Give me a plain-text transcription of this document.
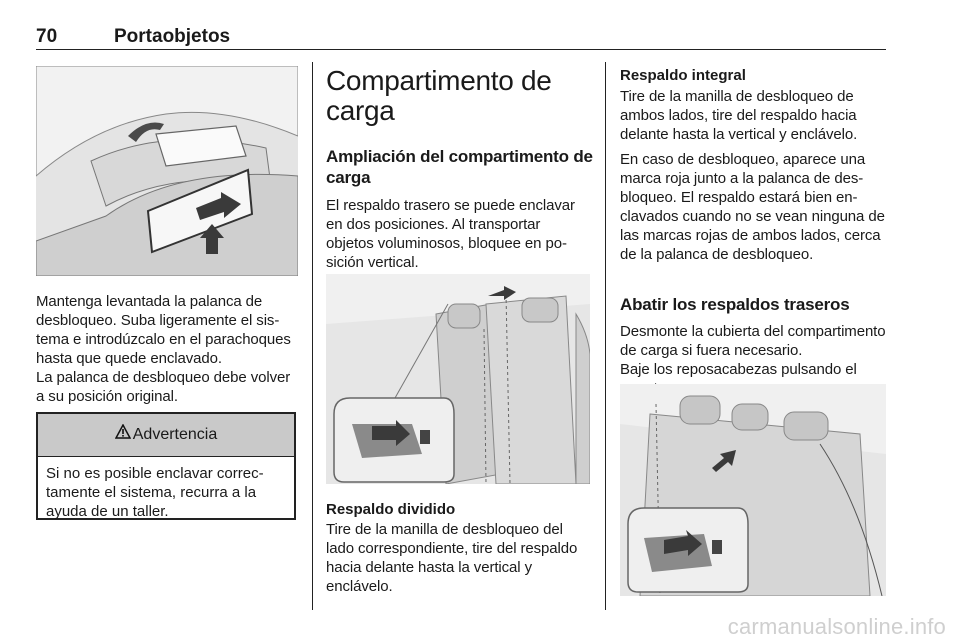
70	Portaobjetos

Mantenga levantada la palanca de desbloqueo. Suba ligeramente el sistema e introdúzcalo en el parachoques hasta que quede enclavado.

La palanca de desbloqueo debe volver a su posición original.

Advertencia

Si no es posible enclavar correctamente el sistema, recurra a la ayuda de un taller.

Compartimento de carga
Ampliación del compartimento de carga

El respaldo trasero se puede enclavar en dos posiciones. Al transportar objetos voluminosos, bloquee en posición vertical.

Respaldo dividido

Tire de la manilla de desbloqueo del lado correspondiente, tire del respaldo hacia delante hasta la vertical y enclávelo.

Respaldo integral

Tire de la manilla de desbloqueo de ambos lados, tire del respaldo hacia delante hasta la vertical y enclávelo.

En caso de desbloqueo, aparece una marca roja junto a la palanca de desbloqueo. El respaldo estará bien enclavados cuando no se vean ninguna de las marcas rojas de ambos lados, cerca de la palanca de desbloqueo.

Abatir los respaldos traseros

Desmonte la cubierta del compartimento de carga si fuera necesario.

Baje los reposacabezas pulsando el

carmanualsonline.info
